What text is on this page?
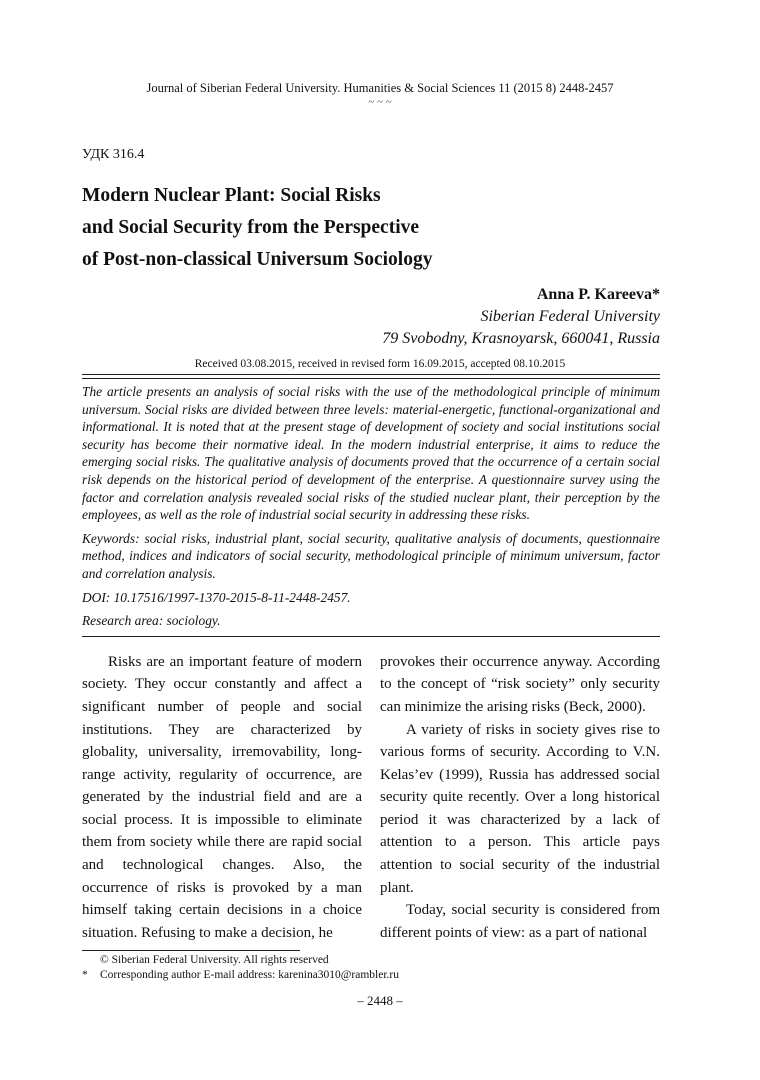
Journal of Siberian Federal University. Humanities & Social Sciences 11 (2015 8) 2448-2457
~ ~ ~
УДК 316.4
Modern Nuclear Plant: Social Risks
and Social Security from the Perspective
of Post-non-classical Universum Sociology
Anna P. Kareeva*
Siberian Federal University
79 Svobodny, Krasnoyarsk, 660041, Russia
Received 03.08.2015, received in revised form 16.09.2015, accepted 08.10.2015

The article presents an analysis of social risks with the use of the methodological principle of minimum universum. Social risks are divided between three levels: material-energetic, functional-organizational and informational. It is noted that at the present stage of development of society and social institutions social security has become their normative ideal. In the modern industrial enterprise, it aims to reduce the emerging social risks. The qualitative analysis of documents proved that the occurrence of a certain social risk depends on the historical period of development of the enterprise. A questionnaire survey using the factor and correlation analysis revealed social risks of the studied nuclear plant, their perception by the employees, as well as the role of industrial social security in addressing these risks.

Keywords: social risks, industrial plant, social security, qualitative analysis of documents, questionnaire method, indices and indicators of social security, methodological principle of minimum universum, factor and correlation analysis.

DOI: 10.17516/1997-1370-2015-8-11-2448-2457.

Research area: sociology.

Risks are an important feature of modern society. They occur constantly and affect a significant number of people and social institutions. They are characterized by globality, universality, irremovability, long-range activity, regularity of occurrence, are generated by the industrial field and are a social process. It is impossible to eliminate them from society while there are rapid social and technological changes. Also, the occurrence of risks is provoked by a man himself taking certain decisions in a choice situation. Refusing to make a decision, he

provokes their occurrence anyway. According to the concept of “risk society” only security can minimize the arising risks (Beck, 2000).

A variety of risks in society gives rise to various forms of security. According to V.N. Kelas’ev (1999), Russia has addressed social security quite recently. Over a long historical period it was characterized by a lack of attention to a person. This article pays attention to social security of the industrial plant.

Today, social security is considered from different points of view: as a part of national

© Siberian Federal University. All rights reserved
* Corresponding author E-mail address: karenina3010@rambler.ru
– 2448 –
